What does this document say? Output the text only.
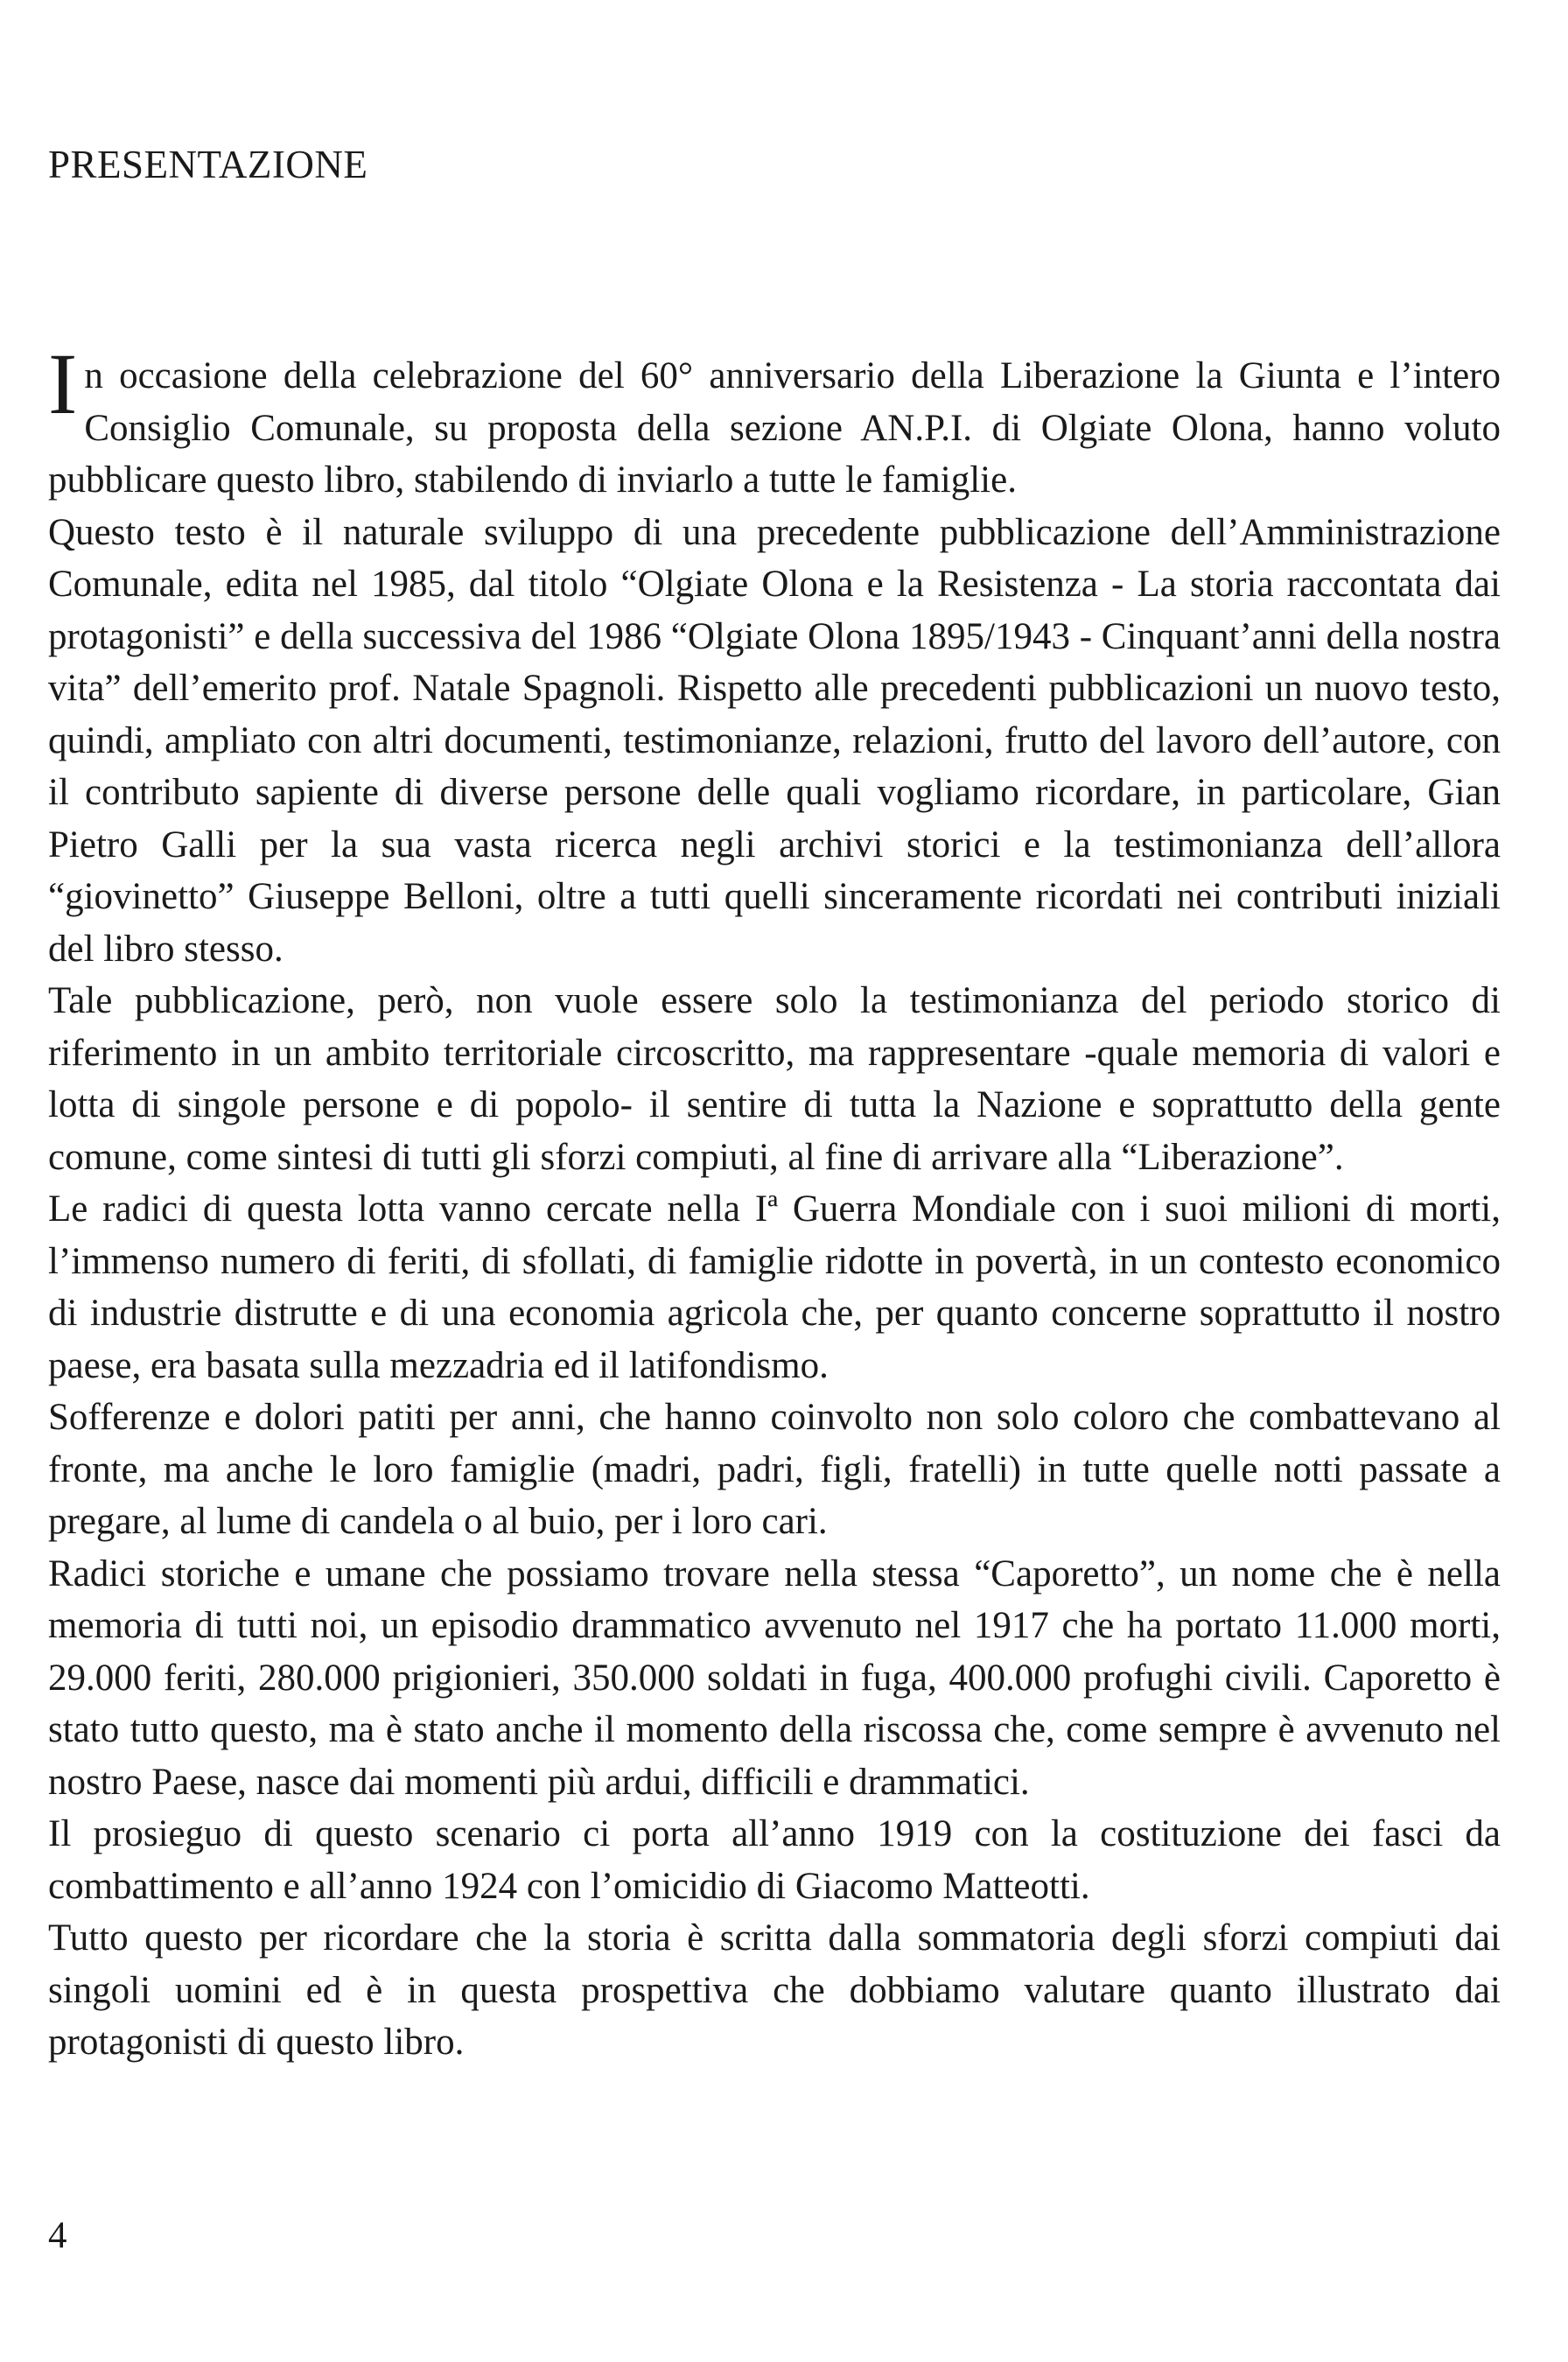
PRESENTAZIONE

In occasione della celebrazione del 60° anniversario della Liberazione la Giunta e l’intero Consiglio Comunale, su proposta della sezione AN.P.I. di Olgiate Olona, hanno voluto pubblicare questo libro, stabilendo di inviarlo a tutte le famiglie.

Questo testo è il naturale sviluppo di una precedente pubblicazione dell’Amministrazione Comunale, edita nel 1985, dal titolo “Olgiate Olona e la Resistenza - La storia raccontata dai protagonisti” e della successiva del 1986 “Olgiate Olona 1895/1943 - Cinquant’anni della nostra vita” dell’emerito prof. Natale Spagnoli. Rispetto alle precedenti pubblicazioni un nuovo testo, quindi, ampliato con altri documenti, testimonianze, relazioni, frutto del lavoro dell’autore, con il contributo sapiente di diverse persone delle quali vogliamo ricordare, in particolare, Gian Pietro Galli per la sua vasta ricerca negli archivi storici e la testimonianza dell’allora “giovinetto” Giuseppe Belloni, oltre a tutti quelli sinceramente ricordati nei contributi iniziali del libro stesso.

Tale pubblicazione, però, non vuole essere solo la testimonianza del periodo storico di riferimento in un ambito territoriale circoscritto, ma rappresentare -quale memoria di valori e lotta di singole persone e di popolo- il sentire di tutta la Nazione e soprattutto della gente comune, come sintesi di tutti gli sforzi compiuti, al fine di arrivare alla “Liberazione”.

Le radici di questa lotta vanno cercate nella Iª Guerra Mondiale con i suoi milioni di morti, l’immenso numero di feriti, di sfollati, di famiglie ridotte in povertà, in un contesto economico di industrie distrutte e di una economia agricola che, per quanto concerne soprattutto il nostro paese, era basata sulla mezzadria ed il latifondismo.

Sofferenze e dolori patiti per anni, che hanno coinvolto non solo coloro che combattevano al fronte, ma anche le loro famiglie (madri, padri, figli, fratelli) in tutte quelle notti passate a pregare, al lume di candela o al buio, per i loro cari.

Radici storiche e umane che possiamo trovare nella stessa “Caporetto”, un nome che è nella memoria di tutti noi, un episodio drammatico avvenuto nel 1917 che ha portato 11.000 morti, 29.000 feriti, 280.000 prigionieri, 350.000 soldati in fuga, 400.000 profughi civili. Caporetto è stato tutto questo, ma è stato anche il momento della riscossa che, come sempre è avvenuto nel nostro Paese, nasce dai momenti più ardui, difficili e drammatici.

Il prosieguo di questo scenario ci porta all’anno 1919 con la costituzione dei fasci da combattimento e all’anno 1924 con l’omicidio di Giacomo Matteotti.

Tutto questo per ricordare che la storia è scritta dalla sommatoria degli sforzi compiuti dai singoli uomini ed è in questa prospettiva che dobbiamo valutare quanto illustrato dai protagonisti di questo libro.

4
